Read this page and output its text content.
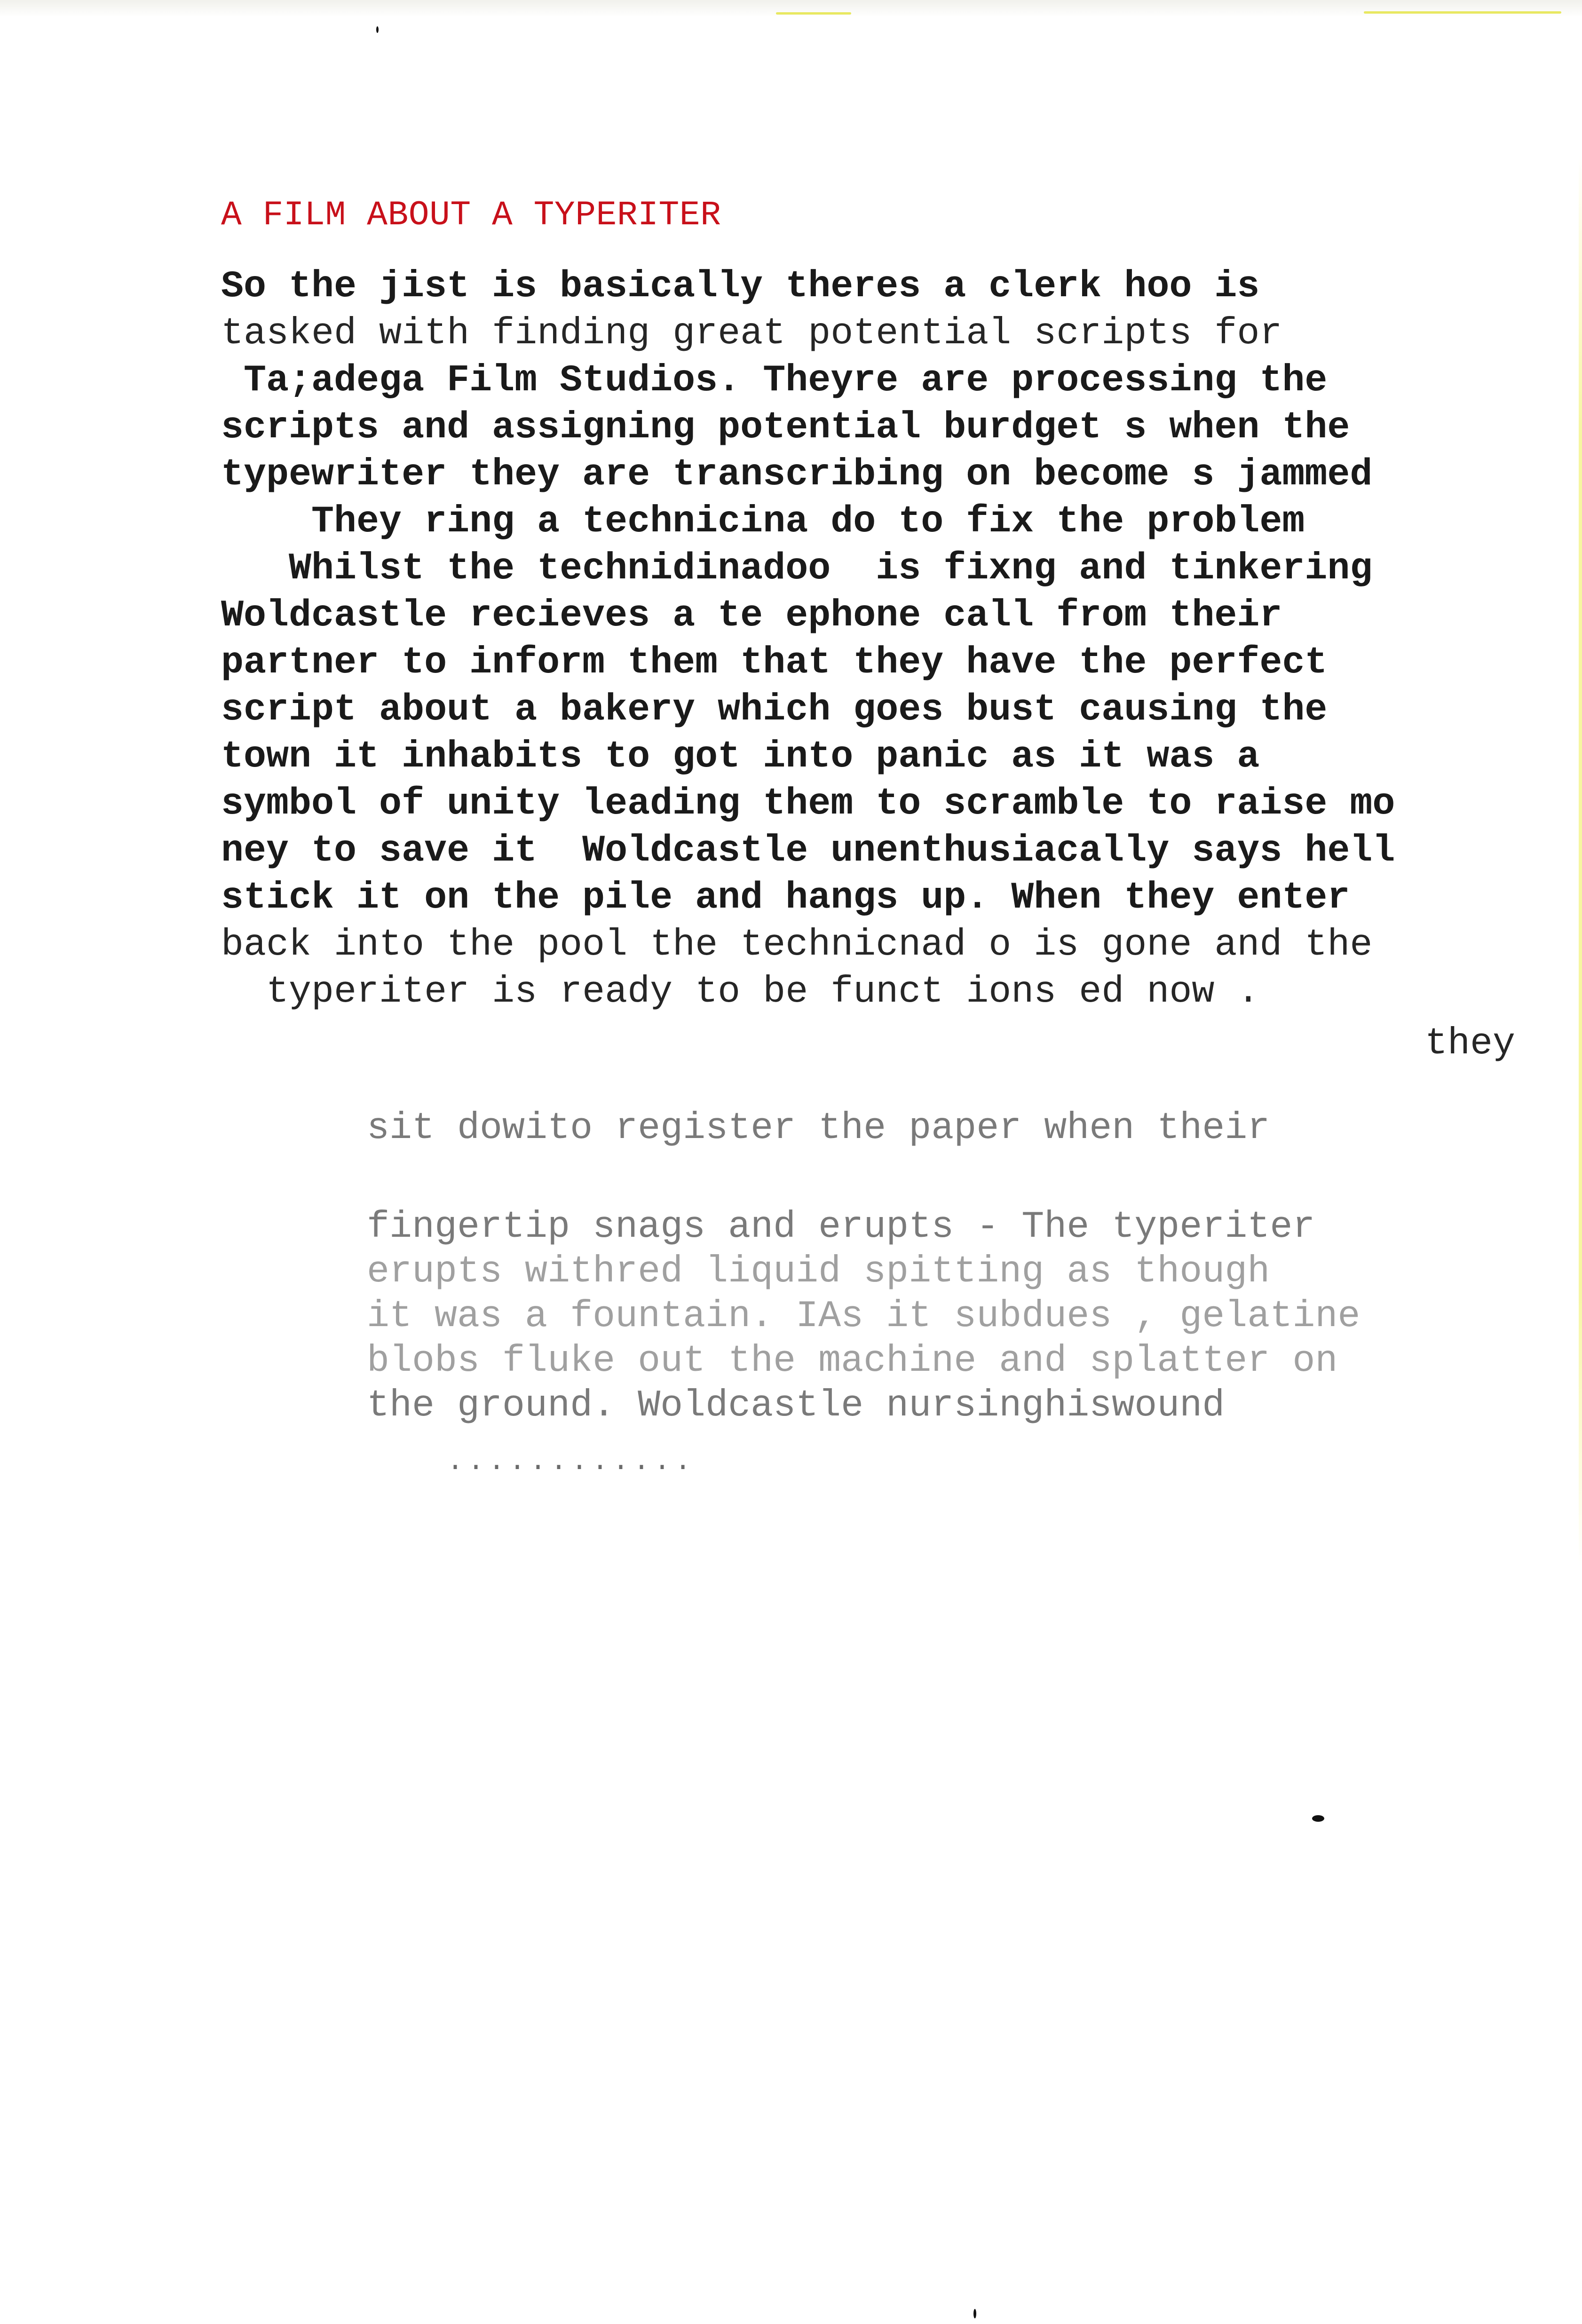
A FILM ABOUT A TYPERITER
So the jist is basically theres a clerk hoo is
tasked with finding great potential scripts for
Ta;adega Film Studios. Theyre are processing the
scripts and assigning potential burdget s when the
typewriter they are transcribing on become s jammed
They ring a technicina do to fix the problem
Whilst the technidinadoo  is fixng and tinkering
Woldcastle recieves a te ephone call from their
partner to inform them that they have the perfect
script about a bakery which goes bust causing the
town it inhabits to got into panic as it was a
symbol of unity leading them to scramble to raise mo
ney to save it  Woldcastle unenthusiacally says hell
stick it on the pile and hangs up. When they enter
back into the pool the technicnad o is gone and the
typeriter is ready to be funct ions ed now .
they
sit dowito register the paper when their
fingertip snags and erupts - The typeriter
erupts withred liquid spitting as though
it was a fountain. IAs it subdues , gelatine
blobs fluke out the machine and splatter on
the ground. Woldcastle nursinghiswound
............
